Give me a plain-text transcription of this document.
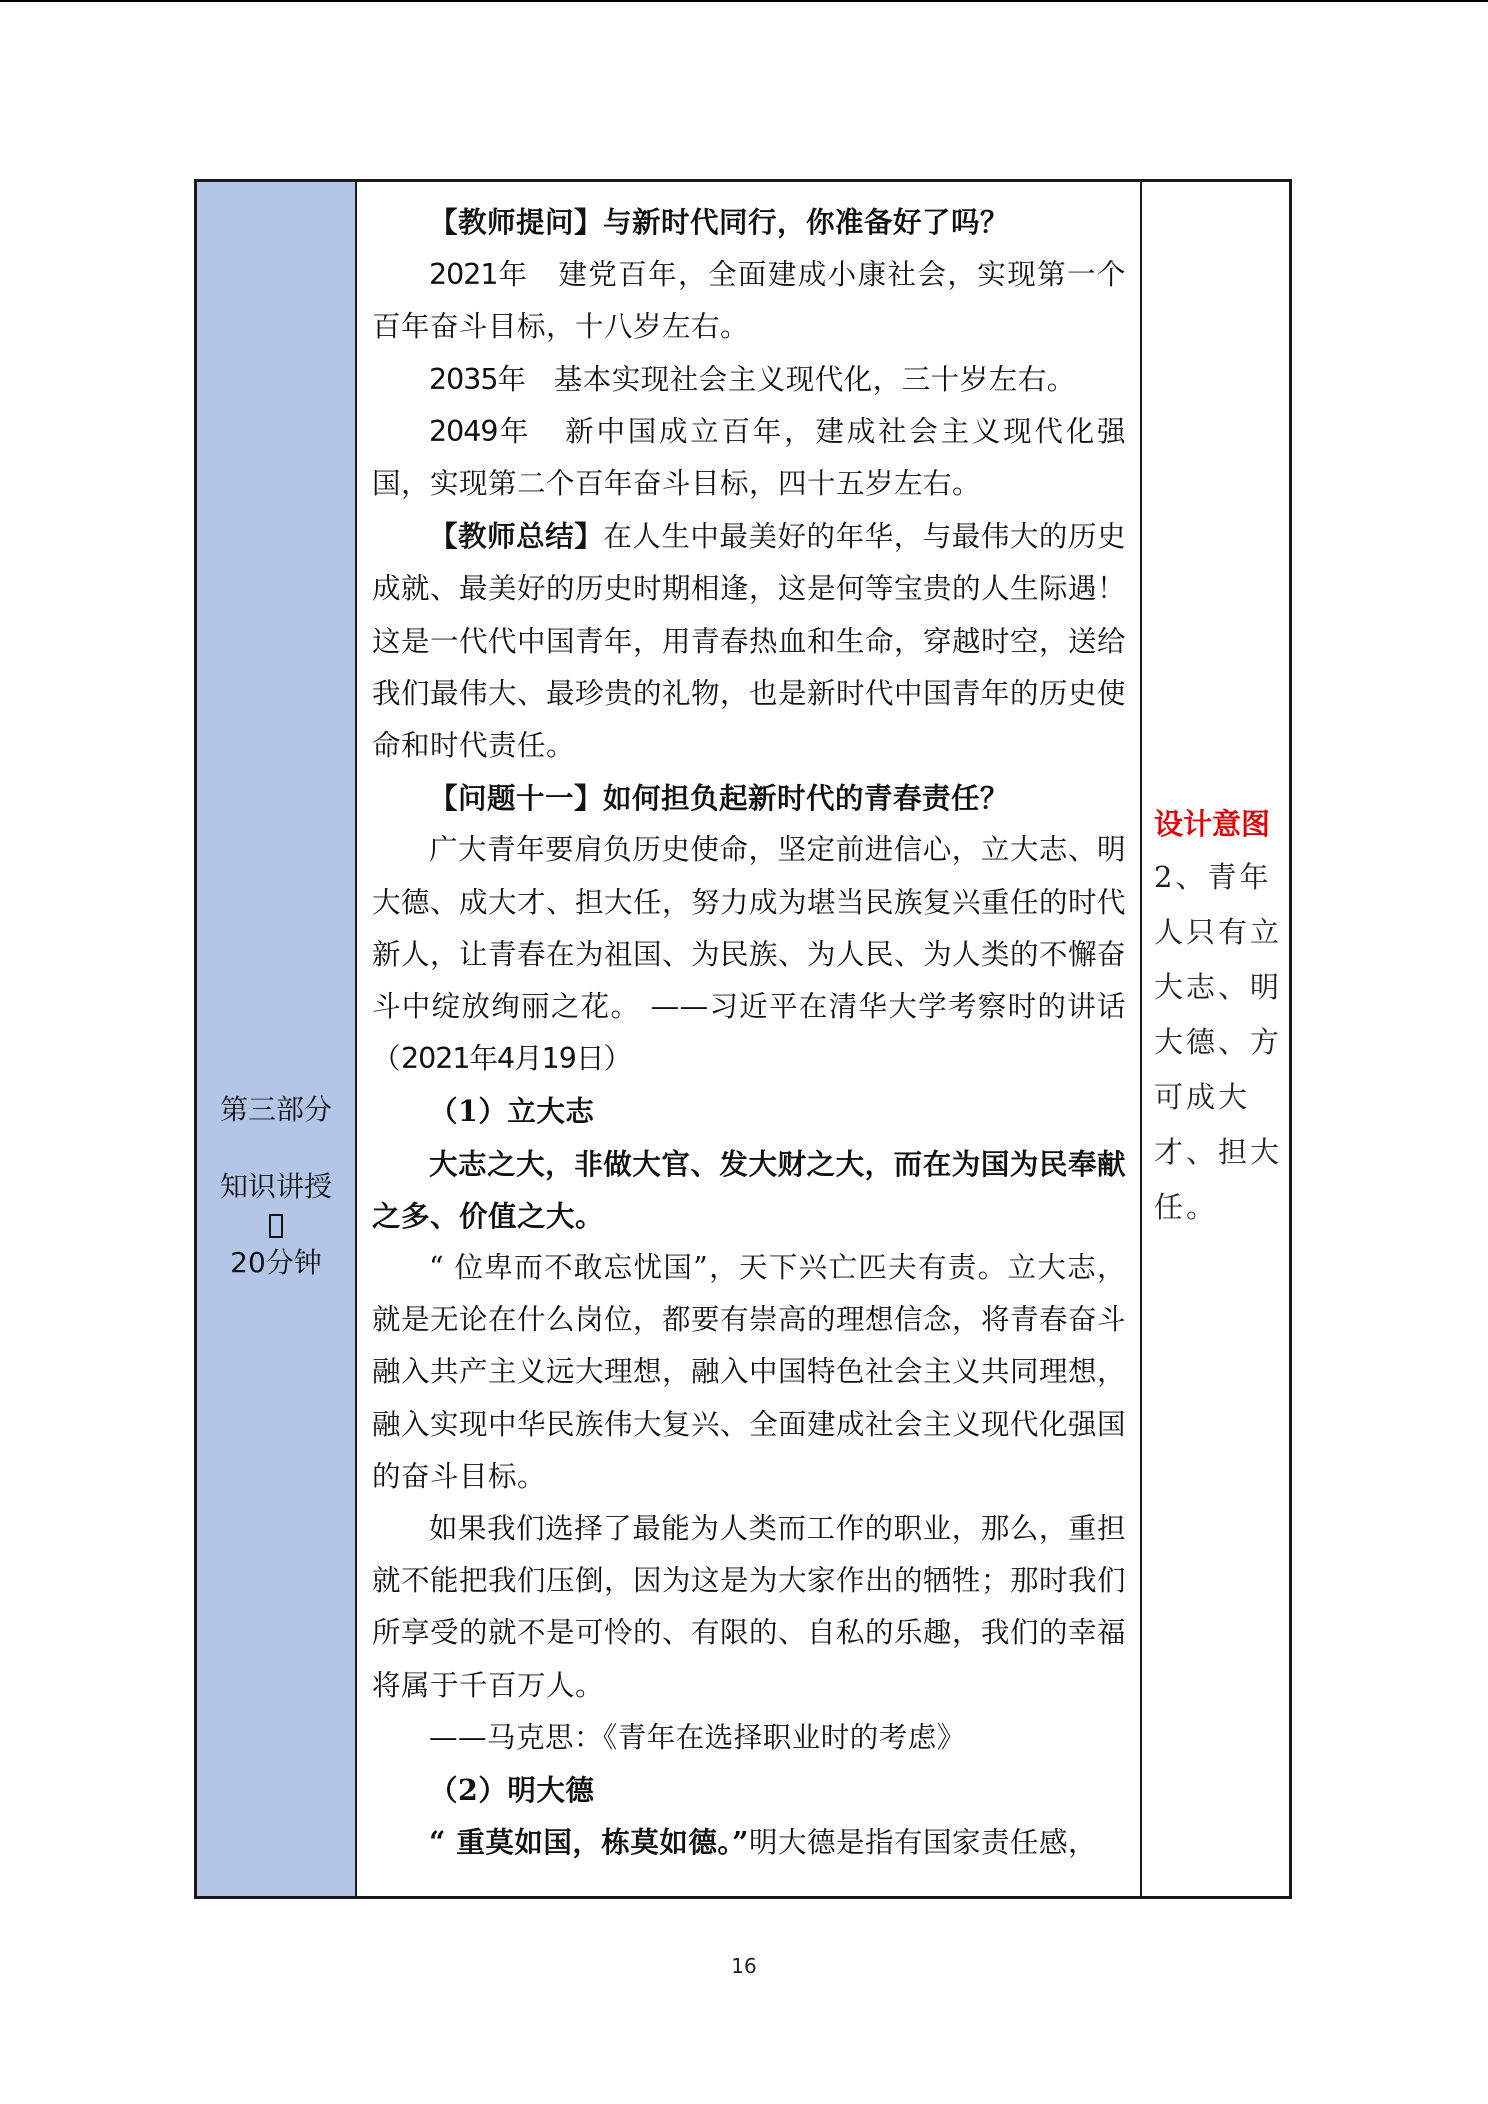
第三部分
知识讲授
20分钟

【教师提问】与新时代同行，你准备好了吗？

2021年 建党百年，全面建成小康社会，实现第一个百年奋斗目标，十八岁左右。

2035年 基本实现社会主义现代化，三十岁左右。

2049年 新中国成立百年，建成社会主义现代化强国，实现第二个百年奋斗目标，四十五岁左右。

【教师总结】在人生中最美好的年华，与最伟大的历史成就、最美好的历史时期相逢，这是何等宝贵的人生际遇！这是一代代中国青年，用青春热血和生命，穿越时空，送给我们最伟大、最珍贵的礼物，也是新时代中国青年的历史使命和时代责任。

【问题十一】如何担负起新时代的青春责任？

广大青年要肩负历史使命，坚定前进信心，立大志、明大德、成大才、担大任，努力成为堪当民族复兴重任的时代新人，让青春在为祖国、为民族、为人民、为人类的不懈奋斗中绽放绚丽之花。 ——习近平在清华大学考察时的讲话（2021年4月19日）

（1）立大志

大志之大，非做大官、发大财之大，而在为国为民奉献之多、价值之大。

“ 位卑而不敢忘忧国”，天下兴亡匹夫有责。立大志，就是无论在什么岗位，都要有崇高的理想信念，将青春奋斗融入共产主义远大理想，融入中国特色社会主义共同理想，融入实现中华民族伟大复兴、全面建成社会主义现代化强国的奋斗目标。

如果我们选择了最能为人类而工作的职业，那么，重担就不能把我们压倒，因为这是为大家作出的牺牲；那时我们所享受的就不是可怜的、有限的、自私的乐趣，我们的幸福将属于千百万人。

——马克思：《青年在选择职业时的考虑》

（2）明大德

“ 重莫如国，栋莫如德。”明大德是指有国家责任感，

设计意图
2、青年人只有立大志、明大德、方可成大才、担大任。
16
